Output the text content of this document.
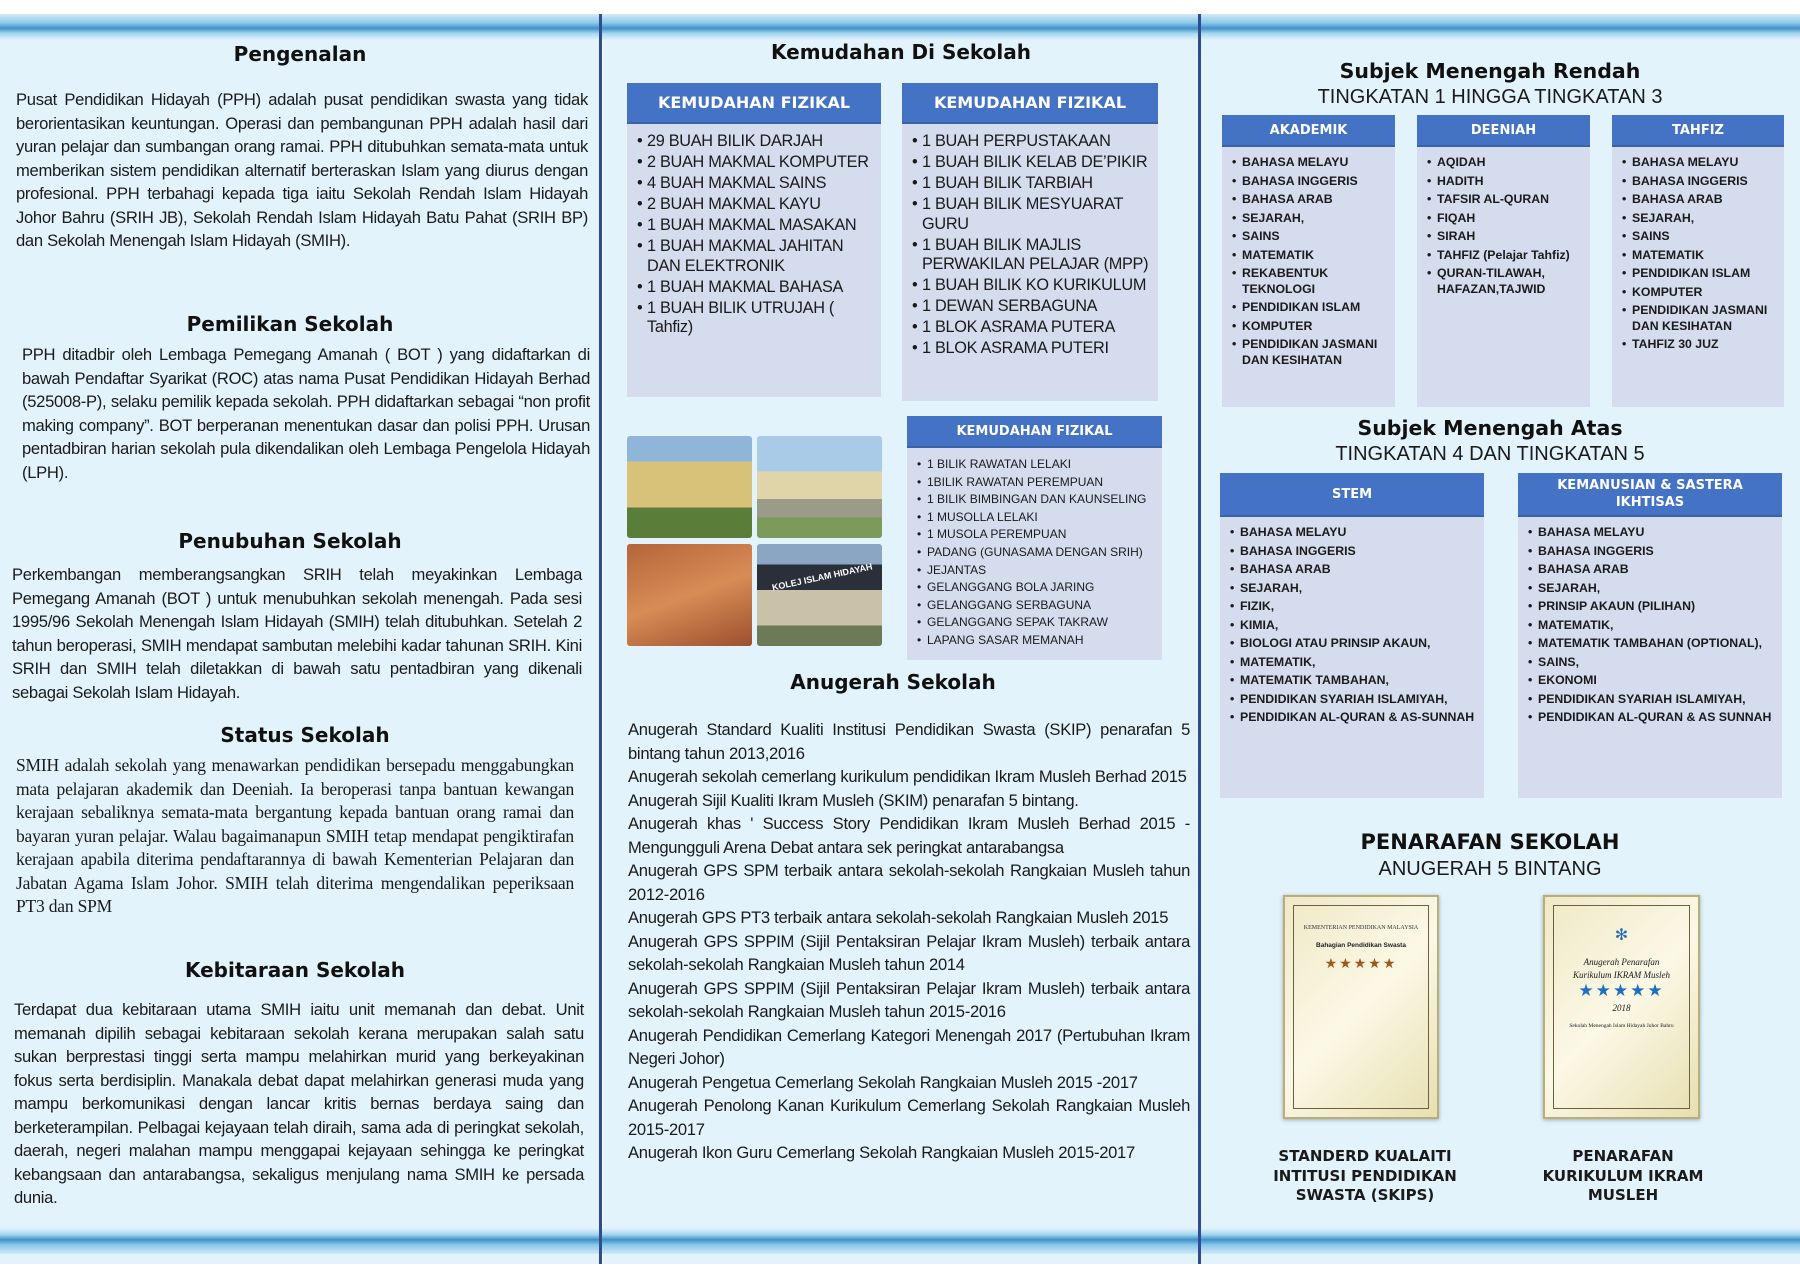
Pengenalan

Pusat Pendidikan Hidayah (PPH) adalah pusat pendidikan swasta yang tidak berorientasikan keuntungan. Operasi dan pembangunan PPH adalah hasil dari yuran pelajar dan sumbangan orang ramai. PPH ditubuhkan semata-mata untuk memberikan sistem pendidikan alternatif berteraskan Islam yang diurus dengan profesional. PPH terbahagi kepada tiga iaitu Sekolah Rendah Islam Hidayah Johor Bahru (SRIH JB), Sekolah Rendah Islam Hidayah Batu Pahat (SRIH BP) dan Sekolah Menengah Islam Hidayah (SMIH).

Pemilikan Sekolah

PPH ditadbir oleh Lembaga Pemegang Amanah ( BOT ) yang didaftarkan di bawah Pendaftar Syarikat (ROC) atas nama Pusat Pendidikan Hidayah Berhad (525008-P), selaku pemilik kepada sekolah. PPH didaftarkan sebagai “non profit making company”. BOT berperanan menentukan dasar dan polisi PPH. Urusan pentadbiran harian sekolah pula dikendalikan oleh Lembaga Pengelola Hidayah (LPH).

Penubuhan Sekolah

Perkembangan memberangsangkan SRIH telah meyakinkan Lembaga Pemegang Amanah (BOT ) untuk menubuhkan sekolah menengah. Pada sesi 1995/96 Sekolah Menengah Islam Hidayah (SMIH) telah ditubuhkan. Setelah 2 tahun beroperasi, SMIH mendapat sambutan melebihi kadar tahunan SRIH. Kini SRIH dan SMIH telah diletakkan di bawah satu pentadbiran yang dikenali sebagai Sekolah Islam Hidayah.

Status Sekolah

SMIH adalah sekolah yang menawarkan pendidikan bersepadu menggabungkan mata pelajaran akademik dan Deeniah. Ia beroperasi tanpa bantuan kewangan kerajaan sebaliknya semata-mata bergantung kepada bantuan orang ramai dan bayaran yuran pelajar. Walau bagaimanapun SMIH tetap mendapat pengiktirafan kerajaan apabila diterima pendaftarannya di bawah Kementerian Pelajaran dan Jabatan Agama Islam Johor. SMIH telah diterima mengendalikan peperiksaan PT3 dan SPM

Kebitaraan Sekolah

Terdapat dua kebitaraan utama SMIH iaitu unit memanah dan debat. Unit memanah dipilih sebagai kebitaraan sekolah kerana merupakan salah satu sukan berprestasi tinggi serta mampu melahirkan murid yang berkeyakinan fokus serta berdisiplin. Manakala debat dapat melahirkan generasi muda yang mampu berkomunikasi dengan lancar kritis bernas berdaya saing dan berketerampilan. Pelbagai kejayaan telah diraih, sama ada di peringkat sekolah, daerah, negeri malahan mampu menggapai kejayaan sehingga ke peringkat kebangsaan dan antarabangsa, sekaligus menjulang nama SMIH ke persada dunia.

Kemudahan Di Sekolah
KEMUDAHAN FIZIKAL
• 29 BUAH BILIK DARJAH
• 2 BUAH MAKMAL KOMPUTER
• 4 BUAH MAKMAL SAINS
• 2 BUAH MAKMAL KAYU
• 1 BUAH MAKMAL MASAKAN
• 1 BUAH MAKMAL JAHITAN DAN ELEKTRONIK
• 1 BUAH MAKMAL BAHASA
• 1 BUAH BILIK UTRUJAH ( Tahfiz)
KEMUDAHAN FIZIKAL
• 1 BUAH PERPUSTAKAAN
• 1 BUAH BILIK KELAB DE’PIKIR
• 1 BUAH BILIK TARBIAH
• 1 BUAH BILIK MESYUARAT GURU
• 1 BUAH BILIK MAJLIS PERWAKILAN PELAJAR (MPP)
• 1 BUAH BILIK KO KURIKULUM
• 1 DEWAN SERBAGUNA
• 1 BLOK ASRAMA PUTERA
• 1 BLOK ASRAMA PUTERI
KOLEJ ISLAM HIDAYAH
KEMUDAHAN FIZIKAL
• 1 BILIK RAWATAN LELAKI
• 1BILIK RAWATAN PEREMPUAN
• 1 BILIK BIMBINGAN DAN KAUNSELING
• 1 MUSOLLA LELAKI
• 1 MUSOLA PEREMPUAN
• PADANG (GUNASAMA DENGAN SRIH)
• JEJANTAS
• GELANGGANG BOLA JARING
• GELANGGANG SERBAGUNA
• GELANGGANG SEPAK TAKRAW
• LAPANG SASAR MEMANAH
Anugerah Sekolah
Anugerah Standard Kualiti Institusi Pendidikan Swasta (SKIP) penarafan 5 bintang tahun 2013,2016
Anugerah sekolah cemerlang kurikulum pendidikan Ikram Musleh Berhad 2015
Anugerah Sijil Kualiti Ikram Musleh (SKIM) penarafan 5 bintang.
Anugerah khas ' Success Story Pendidikan Ikram Musleh Berhad 2015 - Mengungguli Arena Debat antara sek peringkat antarabangsa
Anugerah GPS SPM terbaik antara sekolah-sekolah Rangkaian Musleh tahun 2012-2016
Anugerah GPS PT3 terbaik antara sekolah-sekolah Rangkaian Musleh 2015
Anugerah GPS SPPIM (Sijil Pentaksiran Pelajar Ikram Musleh) terbaik antara sekolah-sekolah Rangkaian Musleh tahun 2014
Anugerah GPS SPPIM (Sijil Pentaksiran Pelajar Ikram Musleh) terbaik antara sekolah-sekolah Rangkaian Musleh tahun 2015-2016
Anugerah Pendidikan Cemerlang Kategori Menengah 2017 (Pertubuhan Ikram Negeri Johor)
Anugerah Pengetua Cemerlang Sekolah Rangkaian Musleh 2015 -2017
Anugerah Penolong Kanan Kurikulum Cemerlang Sekolah Rangkaian Musleh 2015-2017
Anugerah Ikon Guru Cemerlang Sekolah Rangkaian Musleh 2015-2017
Subjek Menengah Rendah
TINGKATAN 1 HINGGA TINGKATAN 3
AKADEMIK
• BAHASA MELAYU
• BAHASA INGGERIS
• BAHASA ARAB
• SEJARAH,
• SAINS
• MATEMATIK
• REKABENTUK TEKNOLOGI
• PENDIDIKAN ISLAM
• KOMPUTER
• PENDIDIKAN JASMANI DAN KESIHATAN
DEENIAH
• AQIDAH
• HADITH
• TAFSIR AL-QURAN
• FIQAH
• SIRAH
• TAHFIZ (Pelajar Tahfiz)
• QURAN-TILAWAH, HAFAZAN,TAJWID
TAHFIZ
• BAHASA MELAYU
• BAHASA INGGERIS
• BAHASA ARAB
• SEJARAH,
• SAINS
• MATEMATIK
• PENDIDIKAN ISLAM
• KOMPUTER
• PENDIDIKAN JASMANI DAN KESIHATAN
• TAHFIZ 30 JUZ
Subjek Menengah Atas
TINGKATAN 4 DAN TINGKATAN 5
STEM
• BAHASA MELAYU
• BAHASA INGGERIS
• BAHASA ARAB
• SEJARAH,
• FIZIK,
• KIMIA,
• BIOLOGI ATAU PRINSIP AKAUN,
• MATEMATIK,
• MATEMATIK TAMBAHAN,
• PENDIDIKAN SYARIAH ISLAMIYAH,
• PENDIDIKAN AL-QURAN & AS-SUNNAH
KEMANUSIAN & SASTERA IKHTISAS
• BAHASA MELAYU
• BAHASA INGGERIS
• BAHASA ARAB
• SEJARAH,
• PRINSIP AKAUN (PILIHAN)
• MATEMATIK,
• MATEMATIK TAMBAHAN (OPTIONAL),
• SAINS,
• EKONOMI
• PENDIDIKAN SYARIAH ISLAMIYAH,
• PENDIDIKAN AL-QURAN & AS SUNNAH
PENARAFAN SEKOLAH
ANUGERAH 5 BINTANG
KEMENTERIAN PENDIDIKAN MALAYSIA
Bahagian Pendidikan Swasta
★★★★★
✻
Anugerah Penarafan
Kurikulum IKRAM Musleh
★★★★★
2018
Sekolah Menengah Islam Hidayah Johor Bahru
STANDERD KUALAITI INTITUSI PENDIDIKAN SWASTA (SKIPS)
PENARAFAN KURIKULUM IKRAM MUSLEH
